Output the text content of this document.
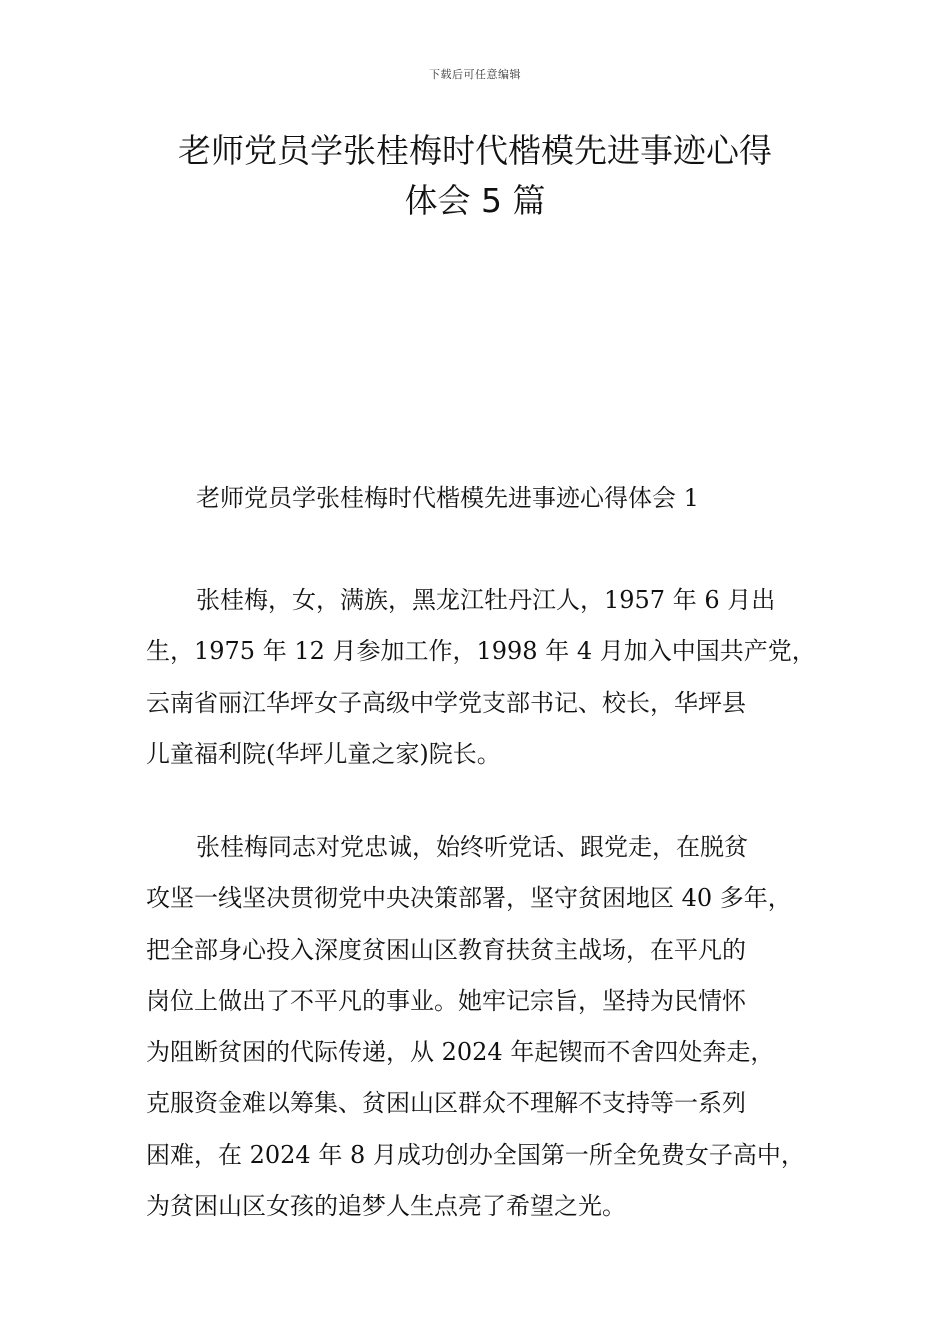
下载后可任意编辑
老师党员学张桂梅时代楷模先进事迹心得
体会 5 篇
老师党员学张桂梅时代楷模先进事迹心得体会 1

张桂梅，女，满族，黑龙江牡丹江人，1957 年 6 月出
生，1975 年 12 月参加工作，1998 年 4 月加入中国共产党，
云南省丽江华坪女子高级中学党支部书记、校长，华坪县
儿童福利院(华坪儿童之家)院长。

张桂梅同志对党忠诚，始终听党话、跟党走，在脱贫
攻坚一线坚决贯彻党中央决策部署，坚守贫困地区 40 多年，
把全部身心投入深度贫困山区教育扶贫主战场，在平凡的
岗位上做出了不平凡的事业。她牢记宗旨，坚持为民情怀
为阻断贫困的代际传递，从 2024 年起锲而不舍四处奔走，
克服资金难以筹集、贫困山区群众不理解不支持等一系列
困难，在 2024 年 8 月成功创办全国第一所全免费女子高中，
为贫困山区女孩的追梦人生点亮了希望之光。
